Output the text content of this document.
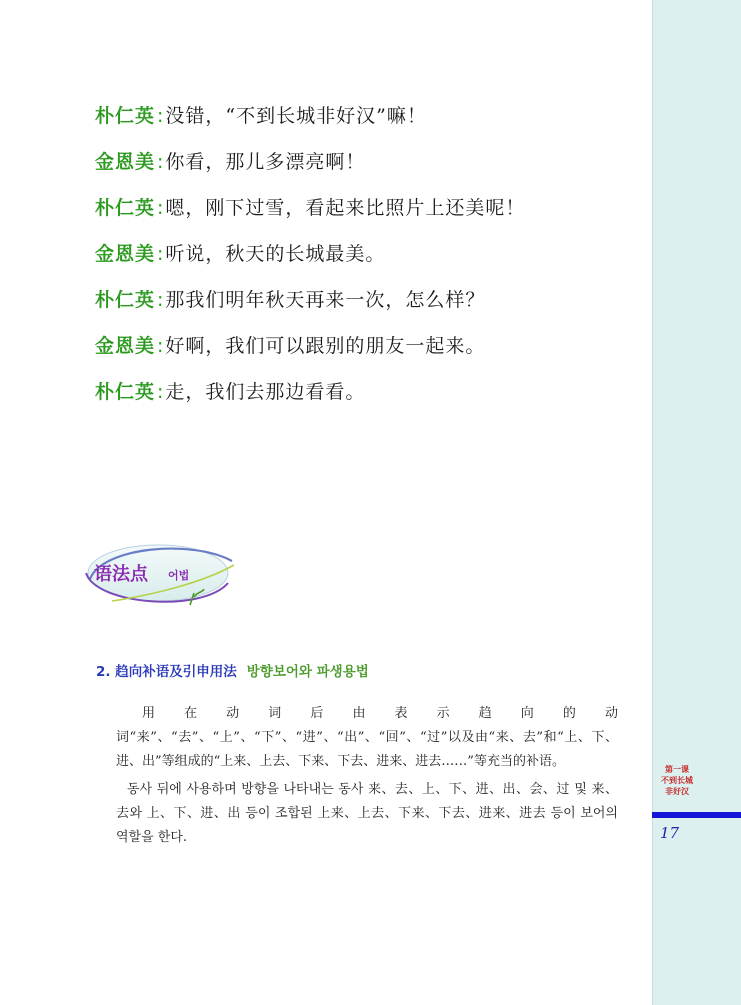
第一课
不到长城
非好汉
17
朴仁英 : 没错，“不到长城非好汉”嘛！
金恩美 : 你看，那儿多漂亮啊！
朴仁英 : 嗯，刚下过雪，看起来比照片上还美呢！
金恩美 : 听说，秋天的长城最美。
朴仁英 : 那我们明年秋天再来一次，怎么样？
金恩美 : 好啊，我们可以跟别的朋友一起来。
朴仁英 : 走，我们去那边看看。
语法点 어법
2. 趋向补语及引申用法 방향보어와 파생용법
用在动词后由表示趋向的动词“来”、“去”、“上”、“下”、“进”、“出”、“回”、“过”以及由“来、去”和“上、下、进、出”等组成的“上来、上去、下来、下去、进来、进去……”等充当的补语。
동사 뒤에 사용하며 방향을 나타내는 동사 来、去、上、下、进、出、会、过 및 来、去와 上、下、进、出 등이 조합된 上来、上去、下来、下去、进来、进去 등이 보어의 역할을 한다.
